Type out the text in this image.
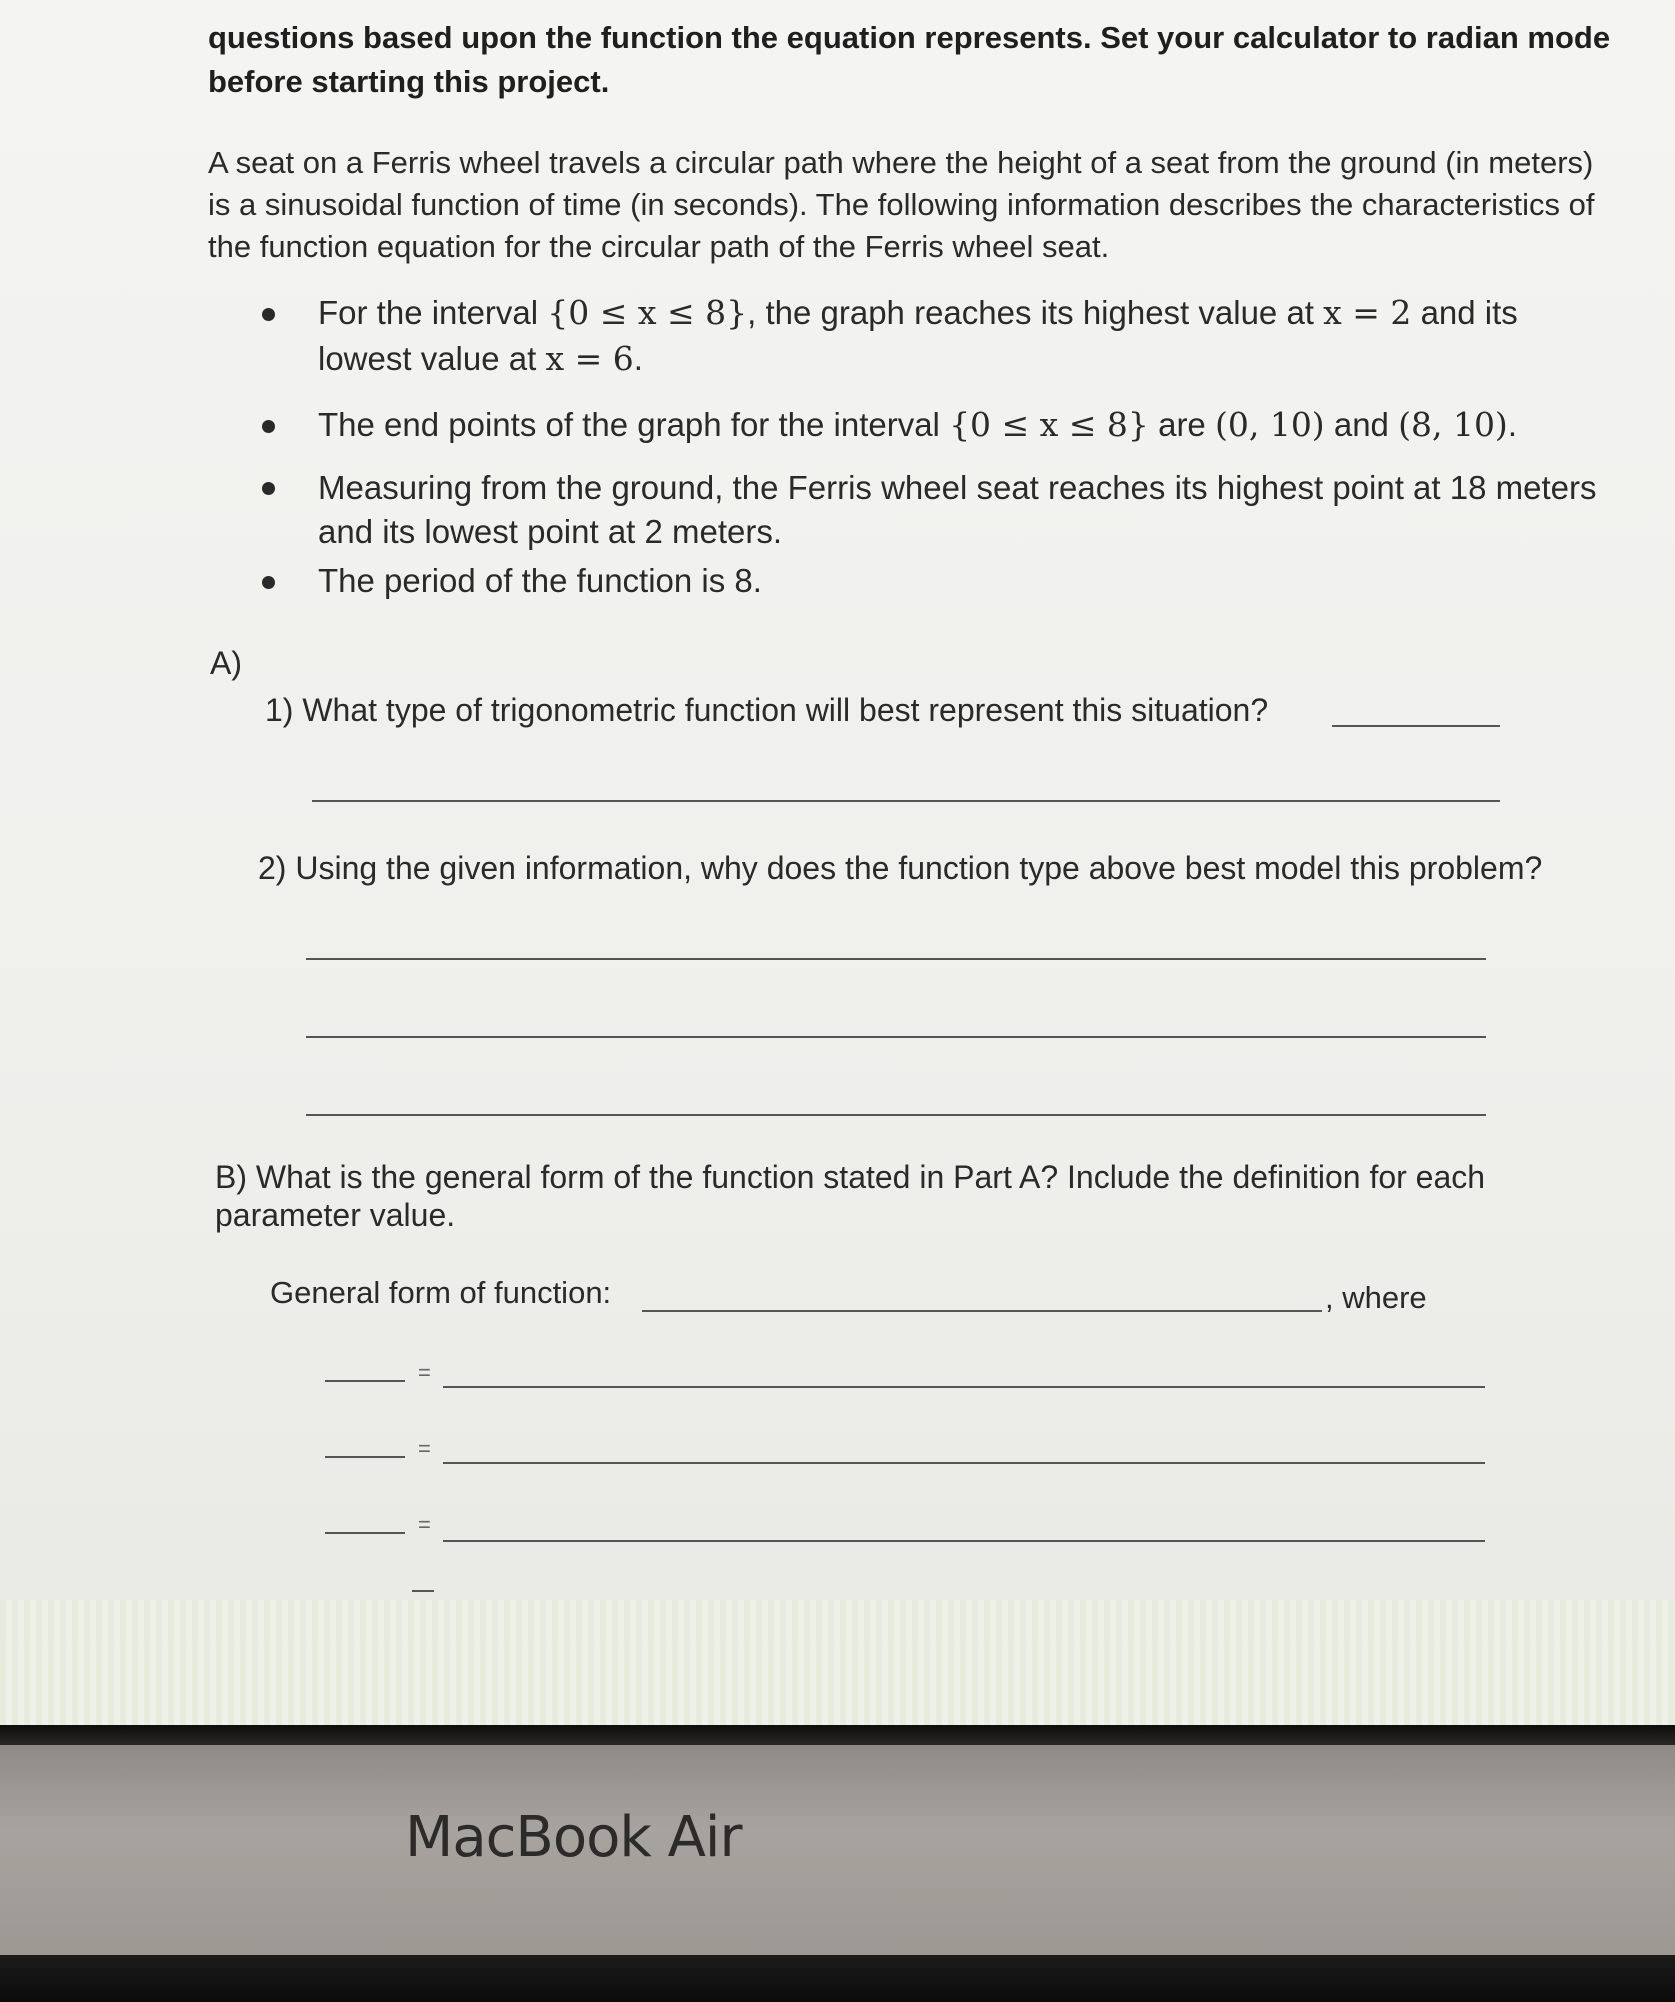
questions based upon the function the equation represents. Set your calculator to radian mode before starting this project.
A seat on a Ferris wheel travels a circular path where the height of a seat from the ground (in meters) is a sinusoidal function of time (in seconds). The following information describes the characteristics of the function equation for the circular path of the Ferris wheel seat.
For the interval {0 ≤ x ≤ 8}, the graph reaches its highest value at x = 2 and its
lowest value at x = 6.
The end points of the graph for the interval {0 ≤ x ≤ 8} are (0, 10) and (8, 10).
Measuring from the ground, the Ferris wheel seat reaches its highest point at 18 meters and its lowest point at 2 meters.
The period of the function is 8.
A)
1) What type of trigonometric function will best represent this situation?
2) Using the given information, why does the function type above best model this problem?
B) What is the general form of the function stated in Part A? Include the definition for each parameter value.
General form of function:	, where
=
=
=
MacBook Air
